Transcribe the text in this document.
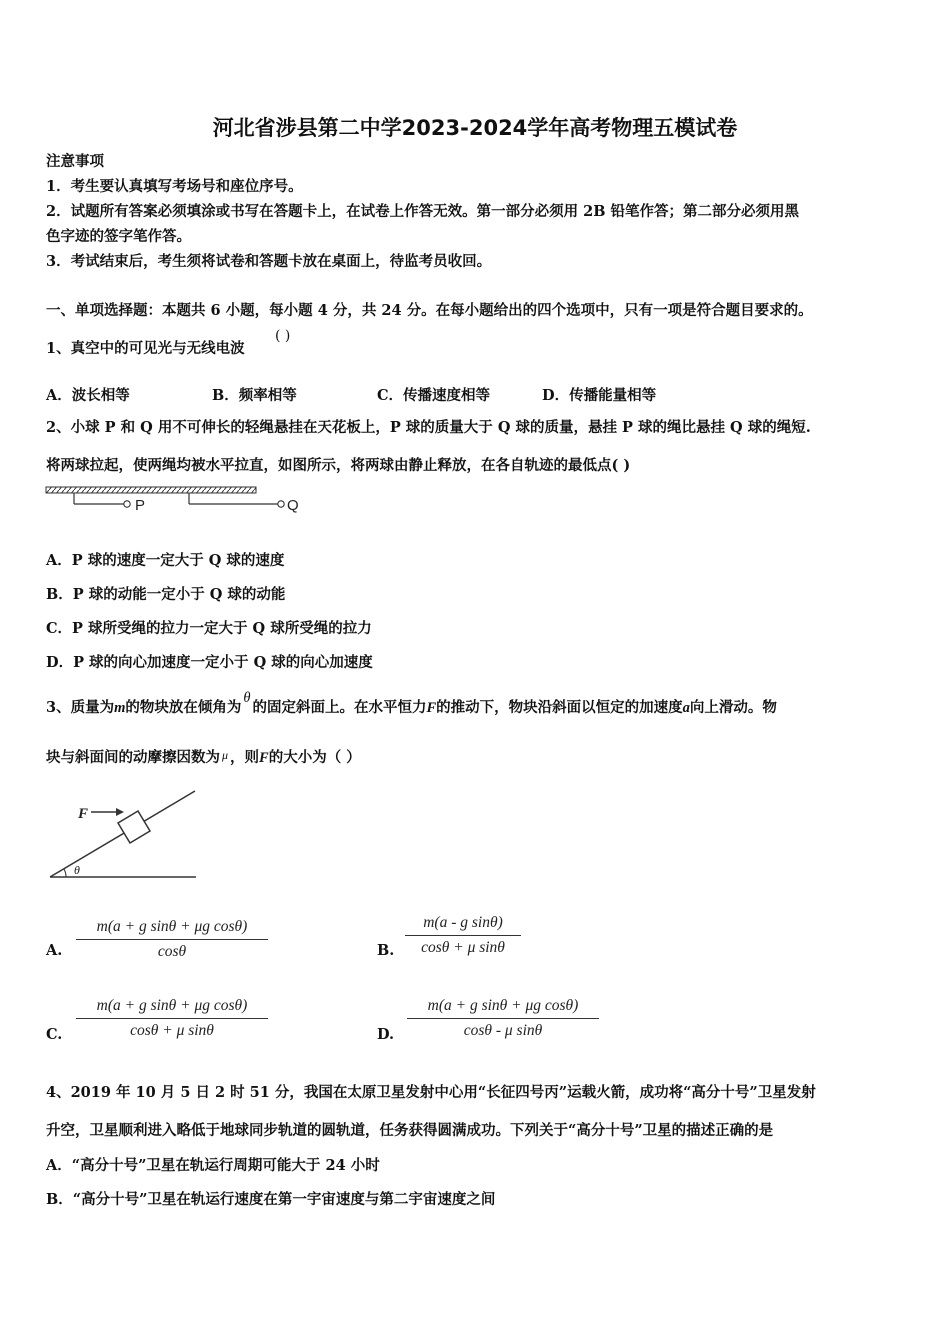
河北省涉县第二中学2023-2024学年高考物理五模试卷
注意事项
1．考生要认真填写考场号和座位序号。
2．试题所有答案必须填涂或书写在答题卡上，在试卷上作答无效。第一部分必须用 2B 铅笔作答；第二部分必须用黑
色字迹的签字笔作答。
3．考试结束后，考生须将试卷和答题卡放在桌面上，待监考员收回。
一、单项选择题：本题共 6 小题，每小题 4 分，共 24 分。在每小题给出的四个选项中，只有一项是符合题目要求的。
1、真空中的可见光与无线电波
( )
A．波长相等	B．频率相等	C．传播速度相等	D．传播能量相等
2、小球 P 和 Q 用不可伸长的轻绳悬挂在天花板上，P 球的质量大于 Q 球的质量，悬挂 P 球的绳比悬挂 Q 球的绳短.
将两球拉起，使两绳均被水平拉直，如图所示，将两球由静止释放，在各自轨迹的最低点( )
P	Q
A．P 球的速度一定大于 Q 球的速度
B．P 球的动能一定小于 Q 球的动能
C．P 球所受绳的拉力一定大于 Q 球所受绳的拉力
D．P 球的向心加速度一定小于 Q 球的向心加速度
3、质量为m的物块放在倾角为θ的固定斜面上。在水平恒力F的推动下，物块沿斜面以恒定的加速度a向上滑动。物
块与斜面间的动摩擦因数为 $^\mu$ ，则F的大小为（ ）
F
θ
A. $\frac{\text{m(a + g sinθ + μg cosθ)}}{\cos\theta}$	B. $\frac{\text{m(a - g sinθ)}}{\text{cosθ + μ sinθ}}$
C. $\frac{\text{m(a + g sinθ + μg cosθ)}}{\text{cosθ + μ sinθ}}$	D. $\frac{\text{m(a + g sinθ + μg cosθ)}}{\text{cosθ - μ sinθ}}$
4、2019 年 10 月 5 日 2 时 51 分，我国在太原卫星发射中心用“长征四号丙”运载火箭，成功将“高分十号”卫星发射
升空，卫星顺利进入略低于地球同步轨道的圆轨道，任务获得圆满成功。下列关于“高分十号”卫星的描述正确的是
A．“高分十号”卫星在轨运行周期可能大于 24 小时
B．“高分十号”卫星在轨运行速度在第一宇宙速度与第二宇宙速度之间
